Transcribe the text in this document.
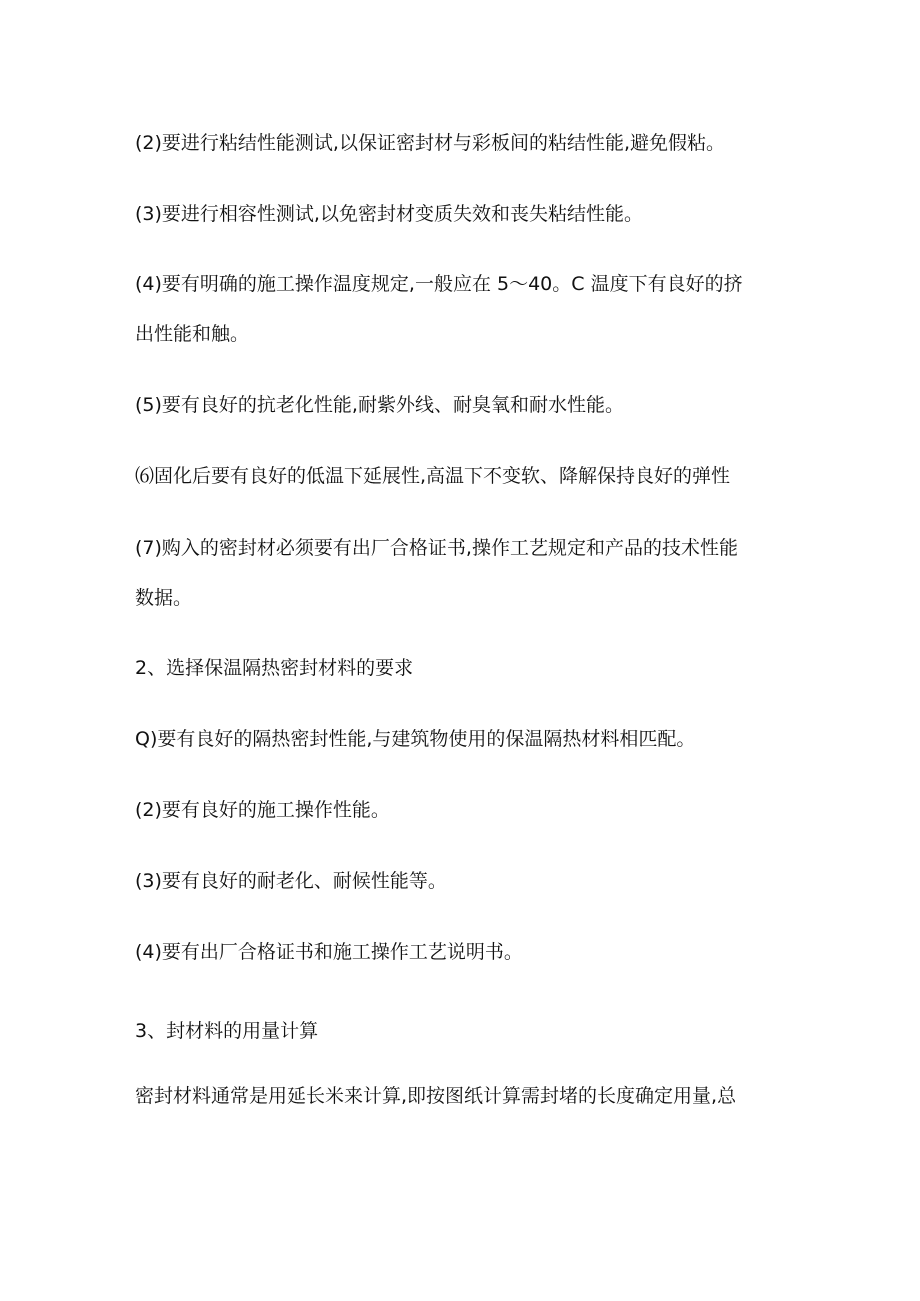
(2)要进行粘结性能测试,以保证密封材与彩板间的粘结性能,避免假粘。
(3)要进行相容性测试,以免密封材变质失效和丧失粘结性能。
(4)要有明确的施工操作温度规定,一般应在 5～40。C 温度下有良好的挤
出性能和触。
(5)要有良好的抗老化性能,耐紫外线、耐臭氧和耐水性能。
⑹固化后要有良好的低温下延展性,高温下不变软、降解保持良好的弹性
(7)购入的密封材必须要有出厂合格证书,操作工艺规定和产品的技术性能
数据。
2、选择保温隔热密封材料的要求
Q)要有良好的隔热密封性能,与建筑物使用的保温隔热材料相匹配。
(2)要有良好的施工操作性能。
(3)要有良好的耐老化、耐候性能等。
(4)要有出厂合格证书和施工操作工艺说明书。
3、封材料的用量计算
密封材料通常是用延长米来计算,即按图纸计算需封堵的长度确定用量,总
